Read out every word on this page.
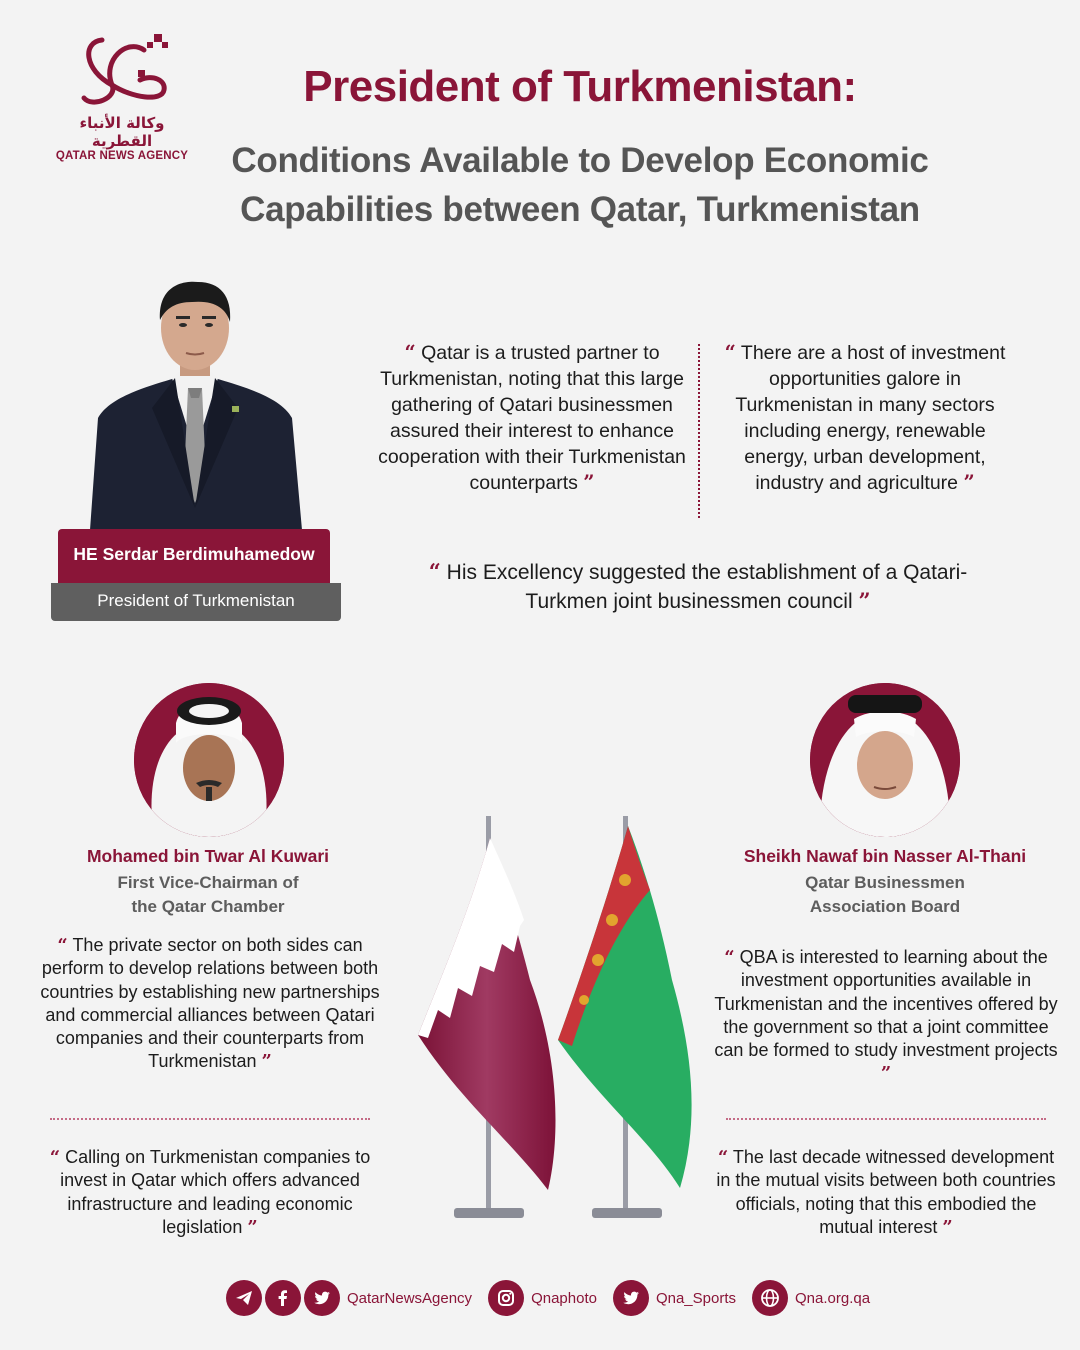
وكالة الأنباء القطرية
QATAR NEWS AGENCY
President of Turkmenistan:
Conditions Available to Develop Economic
Capabilities between Qatar, Turkmenistan
HE Serdar Berdimuhamedow
President of Turkmenistan
“ Qatar is a trusted partner to Turkmenistan, noting that this large gathering of Qatari businessmen assured their interest to enhance cooperation with their Turkmenistan counterparts ”
“ There are a host of investment opportunities galore in Turkmenistan in many sectors including energy, renewable energy, urban development, industry and agriculture ”
“ His Excellency suggested the establishment of a Qatari-Turkmen joint businessmen council ”
Mohamed bin Twar Al Kuwari
First Vice-Chairman of
the Qatar Chamber
“ The private sector on both sides can perform to develop relations between both countries by establishing new partnerships and commercial alliances between Qatari companies and their counterparts from Turkmenistan ”
“ Calling on Turkmenistan companies to invest in Qatar which offers advanced infrastructure and leading economic legislation ”
Sheikh Nawaf bin Nasser Al-Thani
Qatar Businessmen
Association Board
“ QBA is interested to learning about the investment opportunities available in Turkmenistan and the incentives offered by the government so that a joint committee can be formed to study investment projects ”
“ The last decade witnessed development in the mutual visits between both countries officials, noting that this embodied the mutual interest ”
QatarNewsAgency	Qnaphoto	Qna_Sports	Qna.org.qa
